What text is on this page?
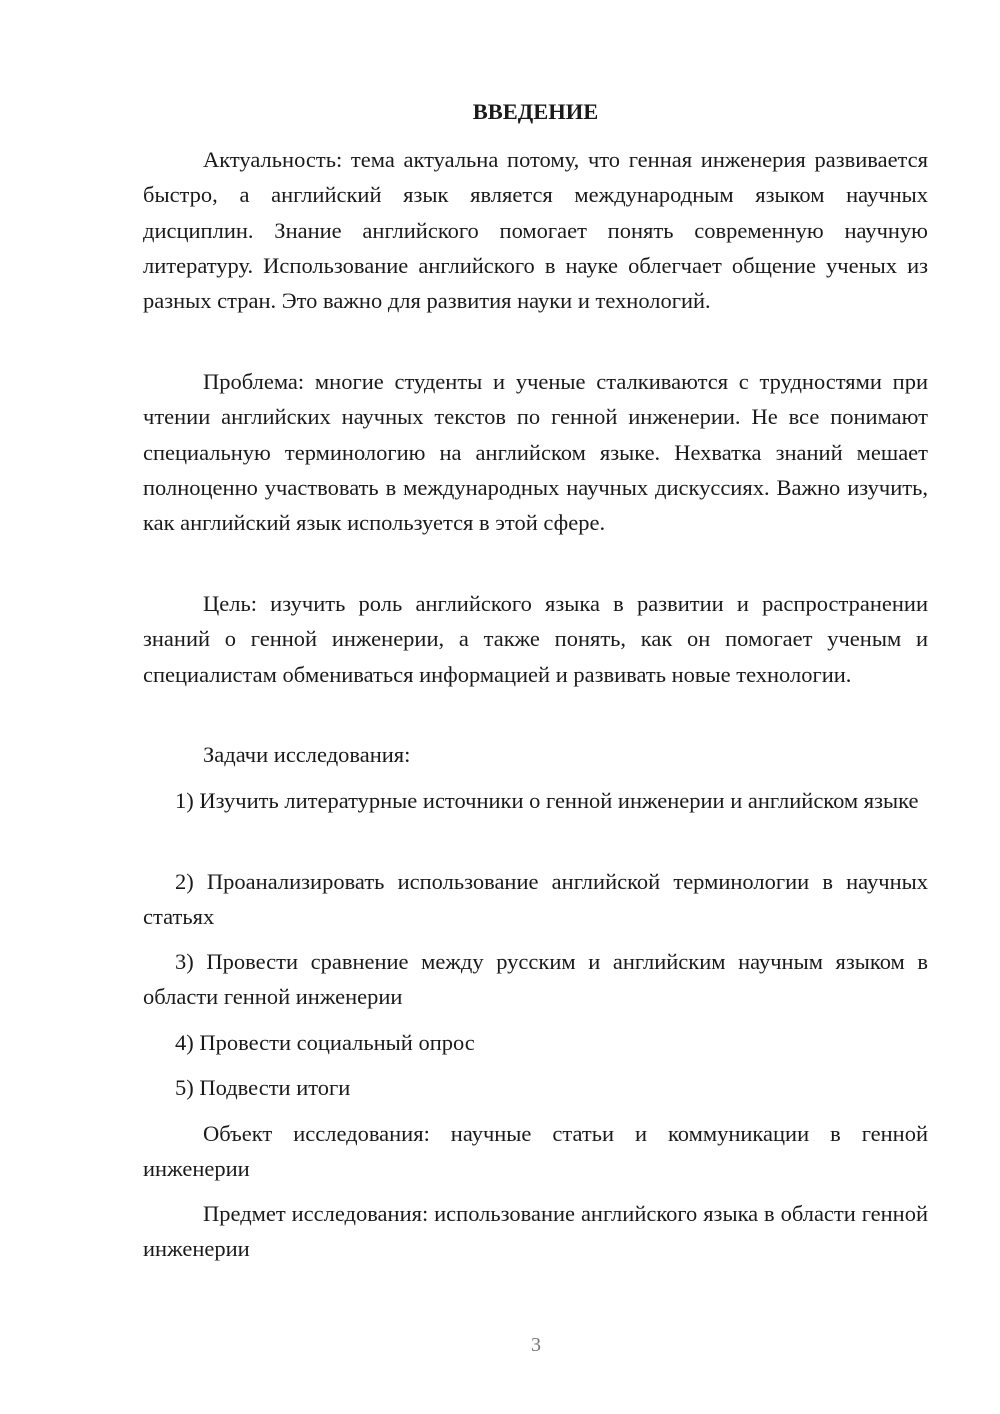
ВВЕДЕНИЕ

Актуальность: тема актуальна потому, что генная инженерия развивается быстро, а английский язык является международным языком научных дисциплин. Знание английского помогает понять современную научную литературу. Использование английского в науке облегчает общение ученых из разных стран. Это важно для развития науки и технологий.

Проблема: многие студенты и ученые сталкиваются с трудностями при чтении английских научных текстов по генной инженерии. Не все понимают специальную терминологию на английском языке. Нехватка знаний мешает полноценно участвовать в международных научных дискуссиях. Важно изучить, как английский язык используется в этой сфере.

Цель: изучить роль английского языка в развитии и распространении знаний о генной инженерии, а также понять, как он помогает ученым и специалистам обмениваться информацией и развивать новые технологии.

Задачи исследования:

1) Изучить литературные источники о генной инженерии и английском языке

2) Проанализировать использование английской терминологии в научных статьях

3) Провести сравнение между русским и английским научным языком в области генной инженерии

4) Провести социальный опрос

5) Подвести итоги

Объект исследования: научные статьи и коммуникации в генной инженерии

Предмет исследования: использование английского языка в области генной инженерии

3
